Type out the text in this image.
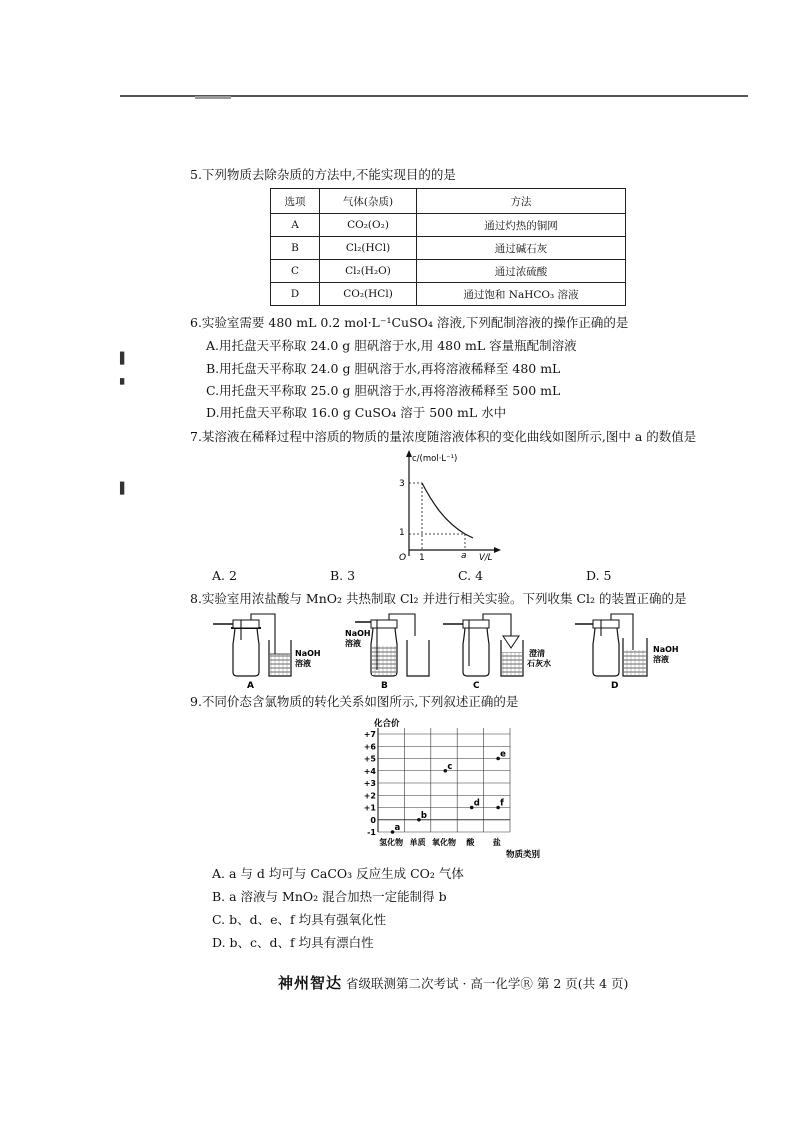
▌
▖
▌
5.下列物质去除杂质的方法中,不能实现目的的是
选项	气体(杂质)	方法
A	CO₂(O₂)	通过灼热的铜网
B	Cl₂(HCl)	通过碱石灰
C	Cl₂(H₂O)	通过浓硫酸
D	CO₂(HCl)	通过饱和 NaHCO₃ 溶液
6.实验室需要 480 mL 0.2 mol·L⁻¹CuSO₄ 溶液,下列配制溶液的操作正确的是
A.用托盘天平称取 24.0 g 胆矾溶于水,用 480 mL 容量瓶配制溶液
B.用托盘天平称取 24.0 g 胆矾溶于水,再将溶液稀释至 480 mL
C.用托盘天平称取 25.0 g 胆矾溶于水,再将溶液稀释至 500 mL
D.用托盘天平称取 16.0 g CuSO₄ 溶于 500 mL 水中
7.某溶液在稀释过程中溶质的物质的量浓度随溶液体积的变化曲线如图所示,图中 a 的数值是
c/(mol·L⁻¹)
V/L
O 1	a
3
1
A. 2	B. 3	C. 4	D. 5
8.实验室用浓盐酸与 MnO₂ 共热制取 Cl₂ 并进行相关实验。下列收集 Cl₂ 的装置正确的是
NaOH
溶液
A
NaOH
溶液
B
澄清
石灰水
C
NaOH
溶液
D
9.不同价态含氯物质的转化关系如图所示,下列叙述正确的是
化合价
+7
+6
+5
+4
+3
+2
+1
0
-1
氢化物 单质 氧化物 酸 盐
a
b
c
d
e
f
物质类别
A. a 与 d 均可与 CaCO₃ 反应生成 CO₂ 气体
B. a 溶液与 MnO₂ 混合加热一定能制得 b
C. b、d、e、f 均具有强氧化性
D. b、c、d、f 均具有漂白性
神州智达 省级联测第二次考试 · 高一化学Ⓡ 第 2 页(共 4 页)
